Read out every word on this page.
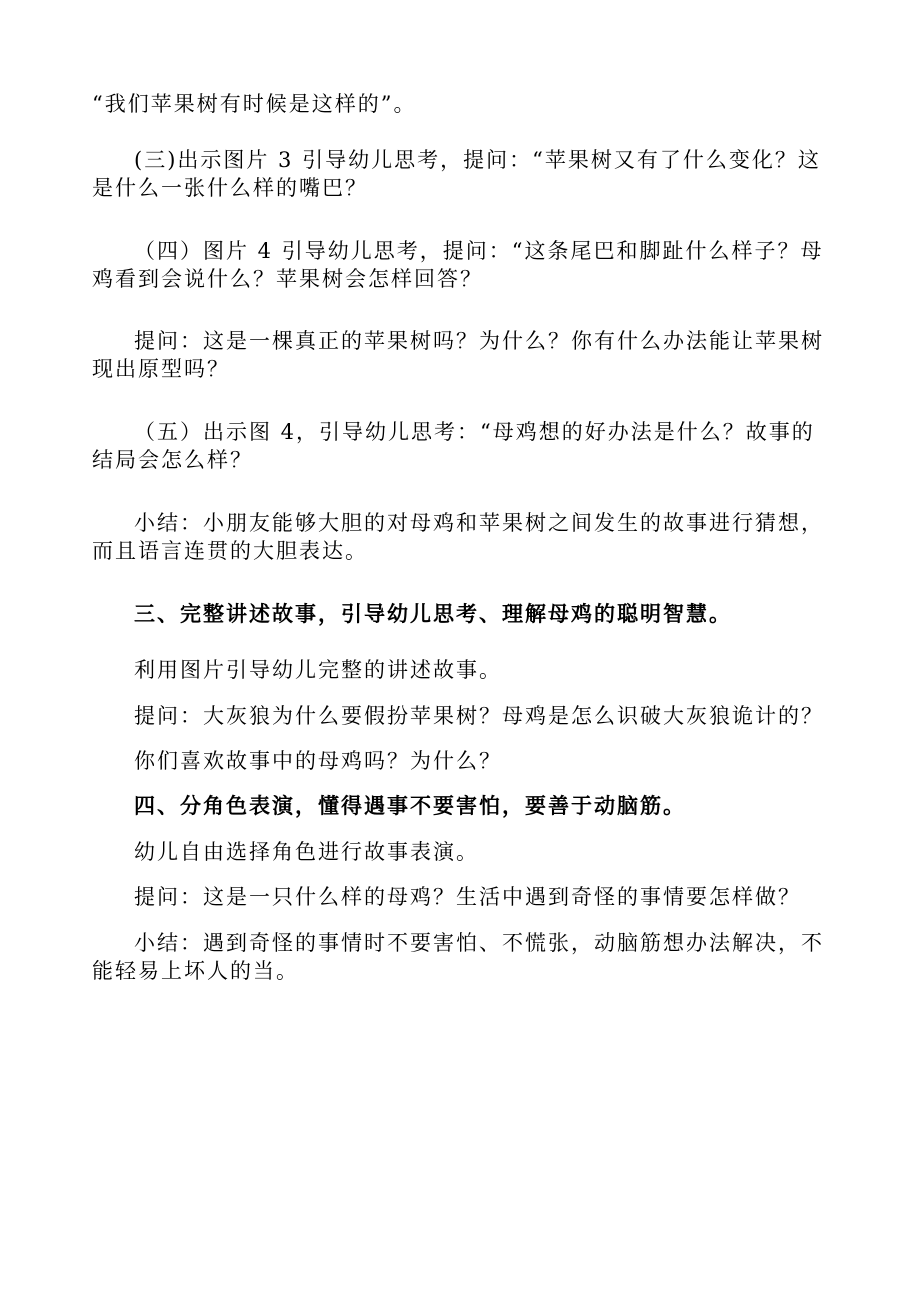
“我们苹果树有时候是这样的”。

(三)出示图片 3 引导幼儿思考，提问：“苹果树又有了什么变化？这是什么一张什么样的嘴巴？

（四）图片 4 引导幼儿思考，提问：“这条尾巴和脚趾什么样子？母鸡看到会说什么？苹果树会怎样回答？

提问：这是一棵真正的苹果树吗？为什么？你有什么办法能让苹果树现出原型吗？

（五）出示图 4，引导幼儿思考：“母鸡想的好办法是什么？故事的结局会怎么样？

小结：小朋友能够大胆的对母鸡和苹果树之间发生的故事进行猜想，而且语言连贯的大胆表达。

三、完整讲述故事，引导幼儿思考、理解母鸡的聪明智慧。

利用图片引导幼儿完整的讲述故事。

提问：大灰狼为什么要假扮苹果树？母鸡是怎么识破大灰狼诡计的？

你们喜欢故事中的母鸡吗？为什么？

四、分角色表演，懂得遇事不要害怕，要善于动脑筋。

幼儿自由选择角色进行故事表演。

提问：这是一只什么样的母鸡？生活中遇到奇怪的事情要怎样做？

小结：遇到奇怪的事情时不要害怕、不慌张，动脑筋想办法解决，不能轻易上坏人的当。
